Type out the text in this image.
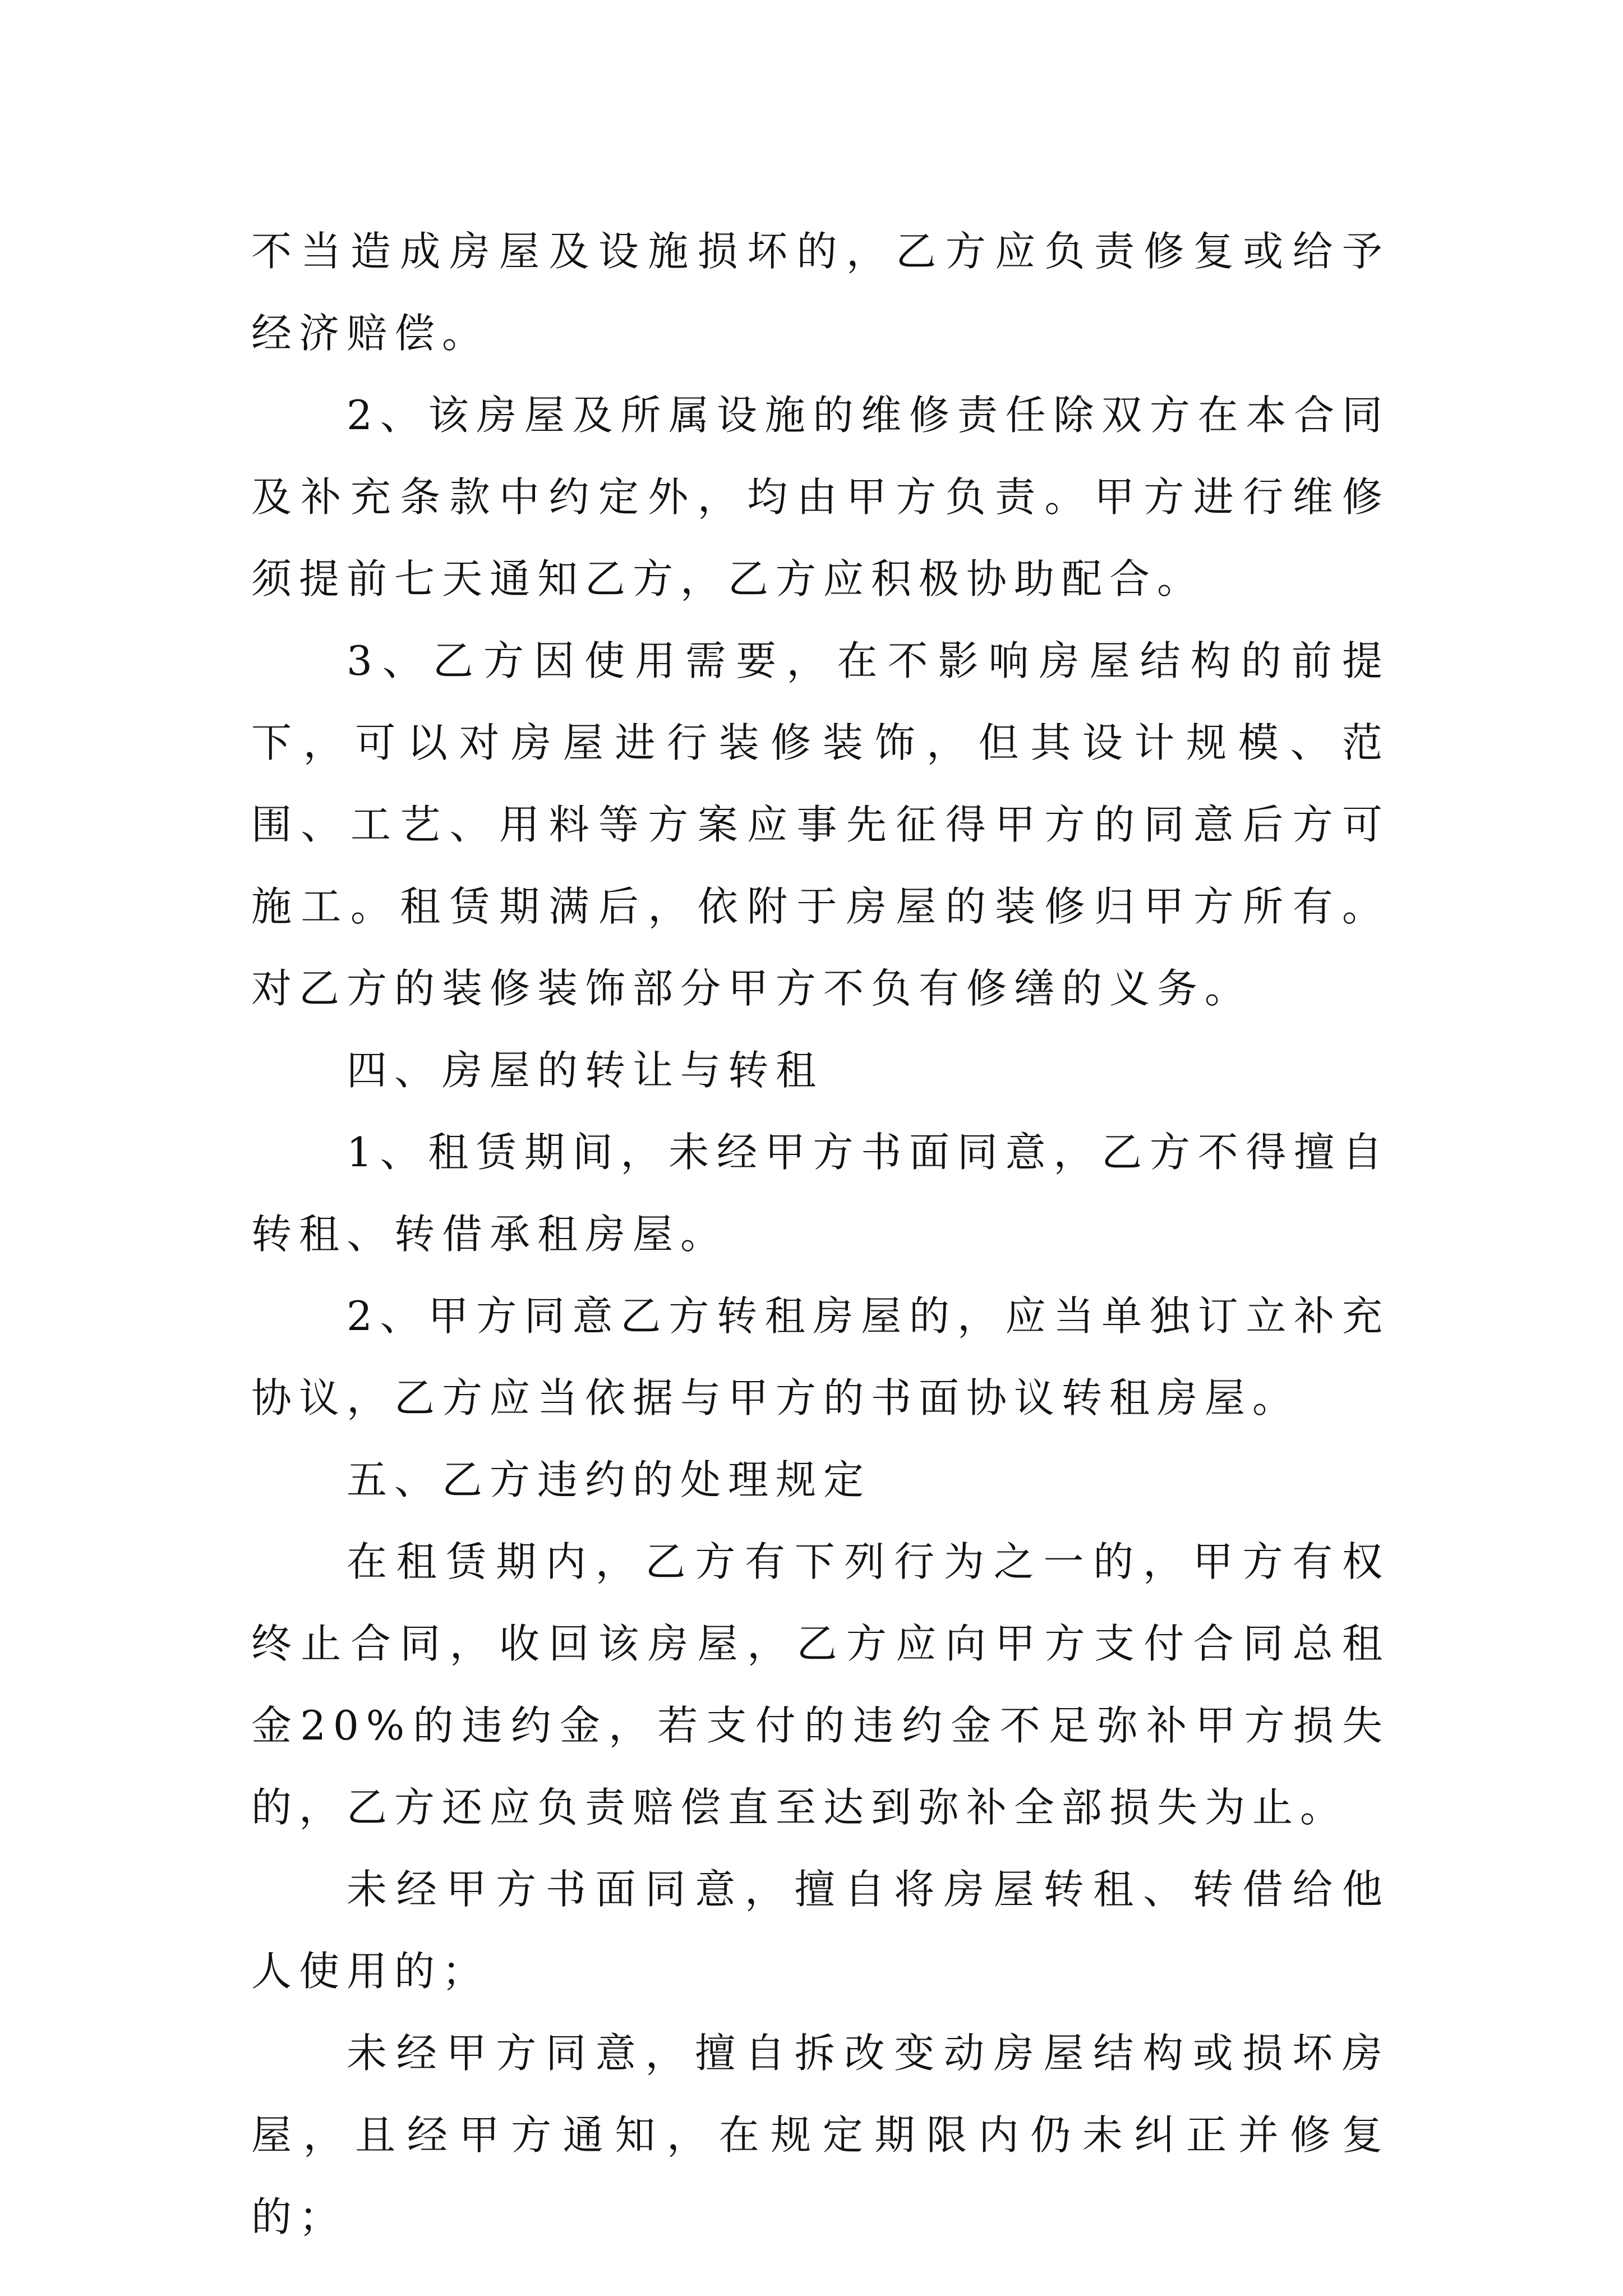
不当造成房屋及设施损坏的，乙方应负责修复或给予经济赔偿。

2、该房屋及所属设施的维修责任除双方在本合同及补充条款中约定外，均由甲方负责。甲方进行维修须提前七天通知乙方，乙方应积极协助配合。

3、乙方因使用需要，在不影响房屋结构的前提下，可以对房屋进行装修装饰，但其设计规模、范围、工艺、用料等方案应事先征得甲方的同意后方可施工。租赁期满后，依附于房屋的装修归甲方所有。对乙方的装修装饰部分甲方不负有修缮的义务。

四、房屋的转让与转租

1、租赁期间，未经甲方书面同意，乙方不得擅自转租、转借承租房屋。

2、甲方同意乙方转租房屋的，应当单独订立补充协议，乙方应当依据与甲方的书面协议转租房屋。

五、乙方违约的处理规定

在租赁期内，乙方有下列行为之一的，甲方有权终止合同，收回该房屋，乙方应向甲方支付合同总租金20%的违约金，若支付的违约金不足弥补甲方损失的，乙方还应负责赔偿直至达到弥补全部损失为止。

未经甲方书面同意，擅自将房屋转租、转借给他人使用的；

未经甲方同意，擅自拆改变动房屋结构或损坏房屋，且经甲方通知，在规定期限内仍未纠正并修复的；
